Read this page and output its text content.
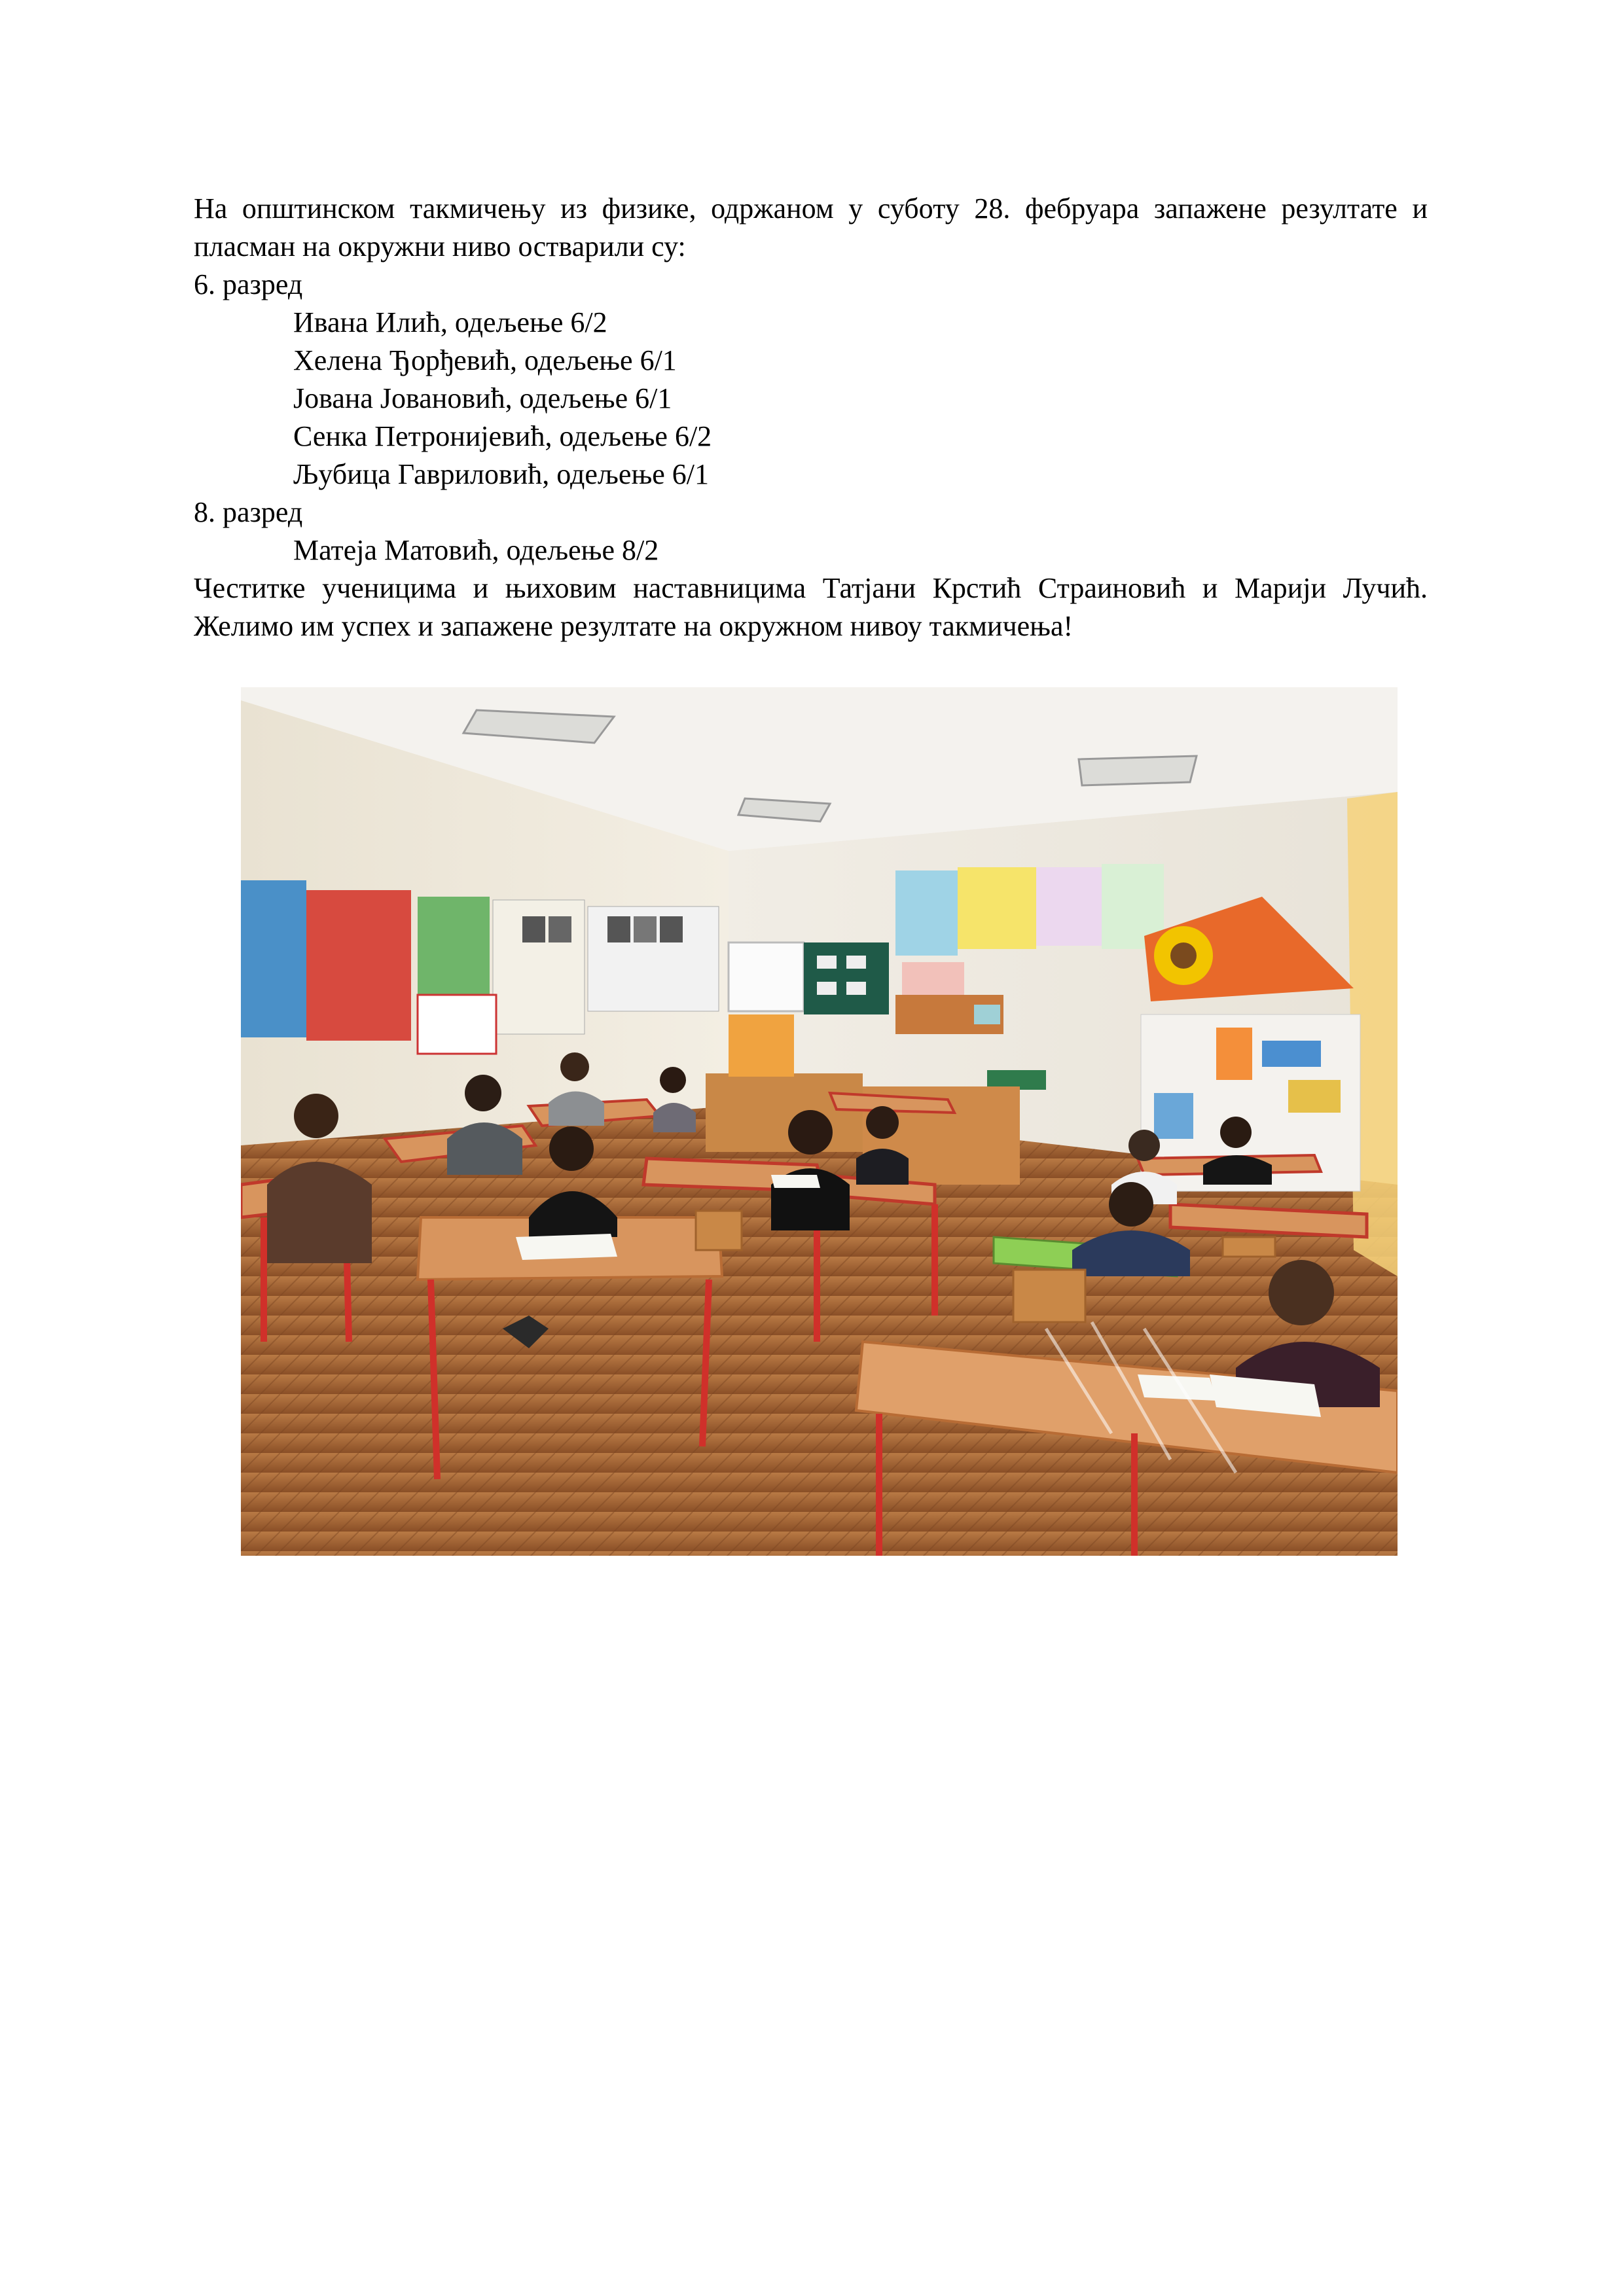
На општинском такмичењу из физике, одржаном у суботу 28. фебруара запажене резултате и пласман на окружни ниво остварили су:

6. разред

Ивана Илић, одељење 6/2

Хелена Ђорђевић, одељење 6/1

Јована Јовановић, одељење 6/1

Сенка Петронијевић, одељење 6/2

Љубица Гавриловић, одељење 6/1

8. разред

Матеја Матовић, одељење 8/2

Честитке ученицима и њиховим наставницима Татјани Крстић Страиновић и Марији Лучић. Желимо им успех и запажене резултате на окружном нивоу такмичења!
